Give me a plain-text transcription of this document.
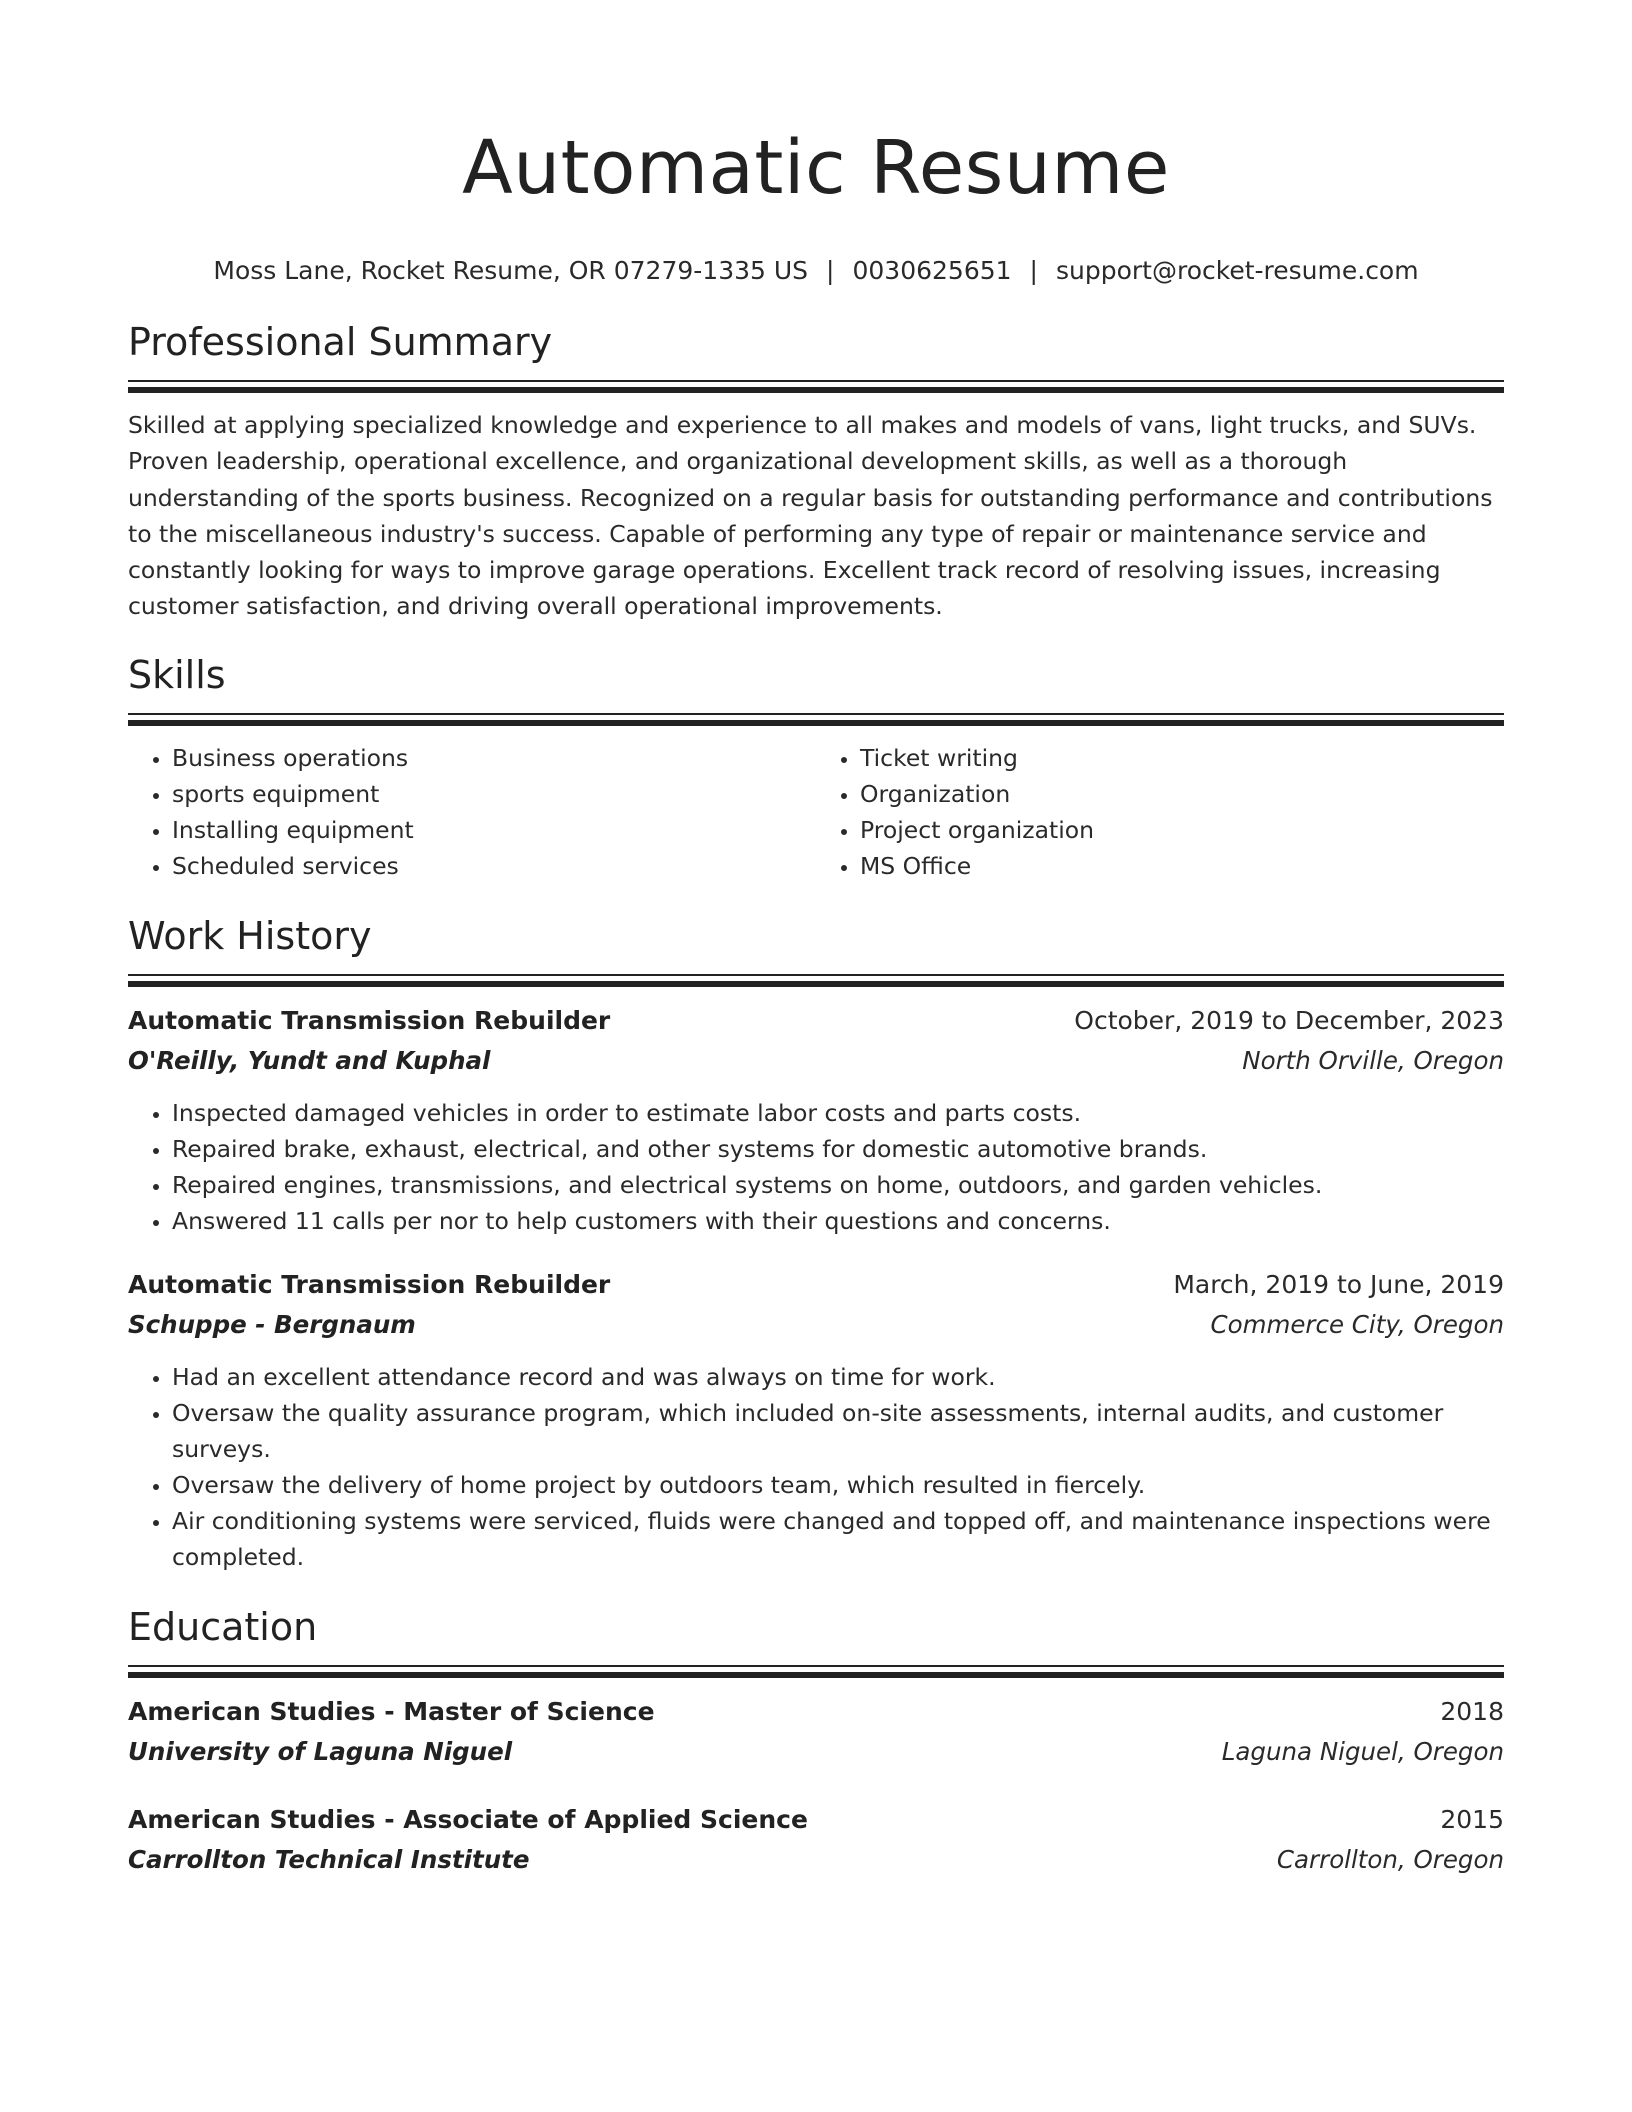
Automatic Resume
Moss Lane, Rocket Resume, OR 07279-1335 US | 0030625651 | support@rocket-resume.com
Professional Summary
Skilled at applying specialized knowledge and experience to all makes and models of vans, light trucks, and SUVs. Proven leadership, operational excellence, and organizational development skills, as well as a thorough understanding of the sports business. Recognized on a regular basis for outstanding performance and contributions to the miscellaneous industry's success. Capable of performing any type of repair or maintenance service and constantly looking for ways to improve garage operations. Excellent track record of resolving issues, increasing customer satisfaction, and driving overall operational improvements.
Skills
• Business operations
• sports equipment
• Installing equipment
• Scheduled services
• Ticket writing
• Organization
• Project organization
• MS Office
Work History
Automatic Transmission Rebuilder	October, 2019 to December, 2023
O'Reilly, Yundt and Kuphal	North Orville, Oregon
• Inspected damaged vehicles in order to estimate labor costs and parts costs.
• Repaired brake, exhaust, electrical, and other systems for domestic automotive brands.
• Repaired engines, transmissions, and electrical systems on home, outdoors, and garden vehicles.
• Answered 11 calls per nor to help customers with their questions and concerns.
Automatic Transmission Rebuilder	March, 2019 to June, 2019
Schuppe - Bergnaum	Commerce City, Oregon
• Had an excellent attendance record and was always on time for work.
• Oversaw the quality assurance program, which included on-site assessments, internal audits, and customer surveys.
• Oversaw the delivery of home project by outdoors team, which resulted in fiercely.
• Air conditioning systems were serviced, fluids were changed and topped off, and maintenance inspections were completed.
Education
American Studies - Master of Science	2018
University of Laguna Niguel	Laguna Niguel, Oregon
American Studies - Associate of Applied Science	2015
Carrollton Technical Institute	Carrollton, Oregon
